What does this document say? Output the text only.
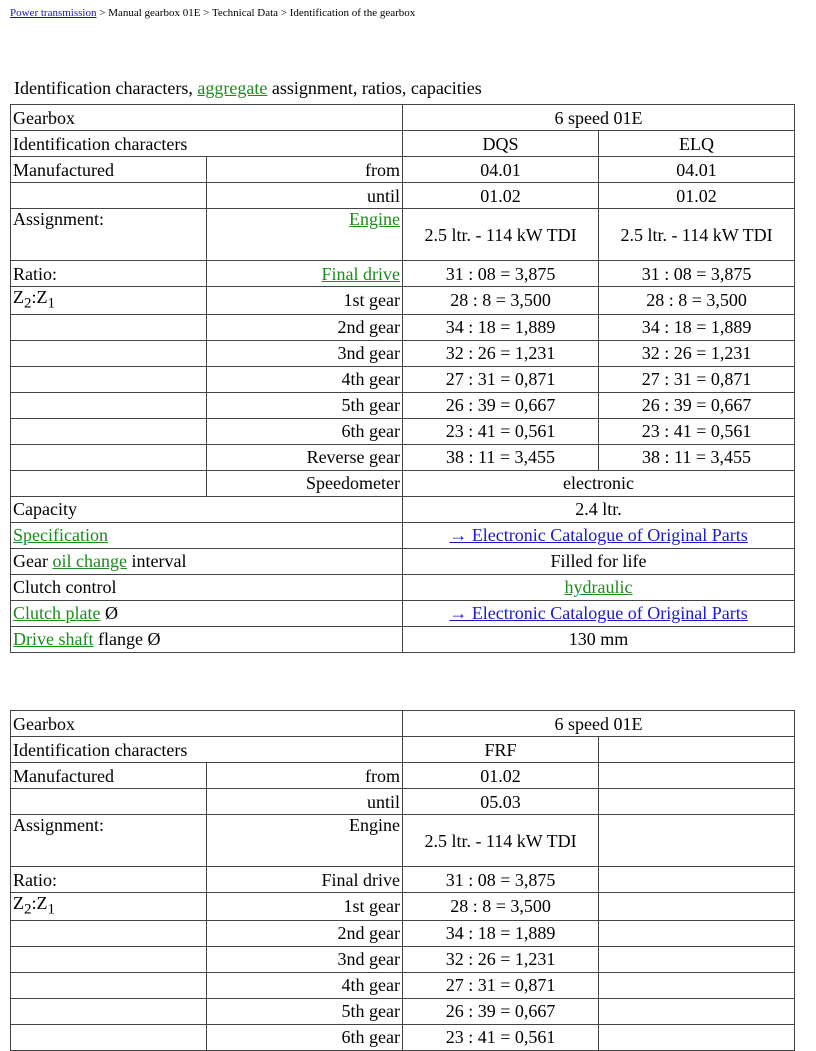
Power transmission > Manual gearbox 01E > Technical Data > Identification of the gearbox
Identification characters, aggregate assignment, ratios, capacities
Gearbox		6 speed 01E	
Identification characters		DQS	ELQ
Manufactured	from	04.01	04.01
	until	01.02	01.02
Assignment:	Engine	2.5 ltr. - 114 kW TDI	2.5 ltr. - 114 kW TDI
Ratio:	Final drive	31 : 08 = 3,875	31 : 08 = 3,875
$Z_2:Z_1$	1st gear	28 : 8 = 3,500	28 : 8 = 3,500
	2nd gear	34 : 18 = 1,889	34 : 18 = 1,889
	3nd gear	32 : 26 = 1,231	32 : 26 = 1,231
	4th gear	27 : 31 = 0,871	27 : 31 = 0,871
	5th gear	26 : 39 = 0,667	26 : 39 = 0,667
	6th gear	23 : 41 = 0,561	23 : 41 = 0,561
	Reverse gear	38 : 11 = 3,455	38 : 11 = 3,455
	Speedometer	electronic	
Capacity		2.4 ltr.	
Specification		→ Electronic Catalogue of Original Parts	
Gear oil change interval		Filled for life	
Clutch control		hydraulic	
Clutch plate Ø		→ Electronic Catalogue of Original Parts	
Drive shaft flange Ø		130 mm	
Gearbox		6 speed 01E	
Identification characters		FRF	
Manufactured	from	01.02	
	until	05.03	
Assignment:	Engine	2.5 ltr. - 114 kW TDI	
Ratio:	Final drive	31 : 08 = 3,875	
$Z_2:Z_1$	1st gear	28 : 8 = 3,500	
	2nd gear	34 : 18 = 1,889	
	3nd gear	32 : 26 = 1,231	
	4th gear	27 : 31 = 0,871	
	5th gear	26 : 39 = 0,667	
	6th gear	23 : 41 = 0,561	
